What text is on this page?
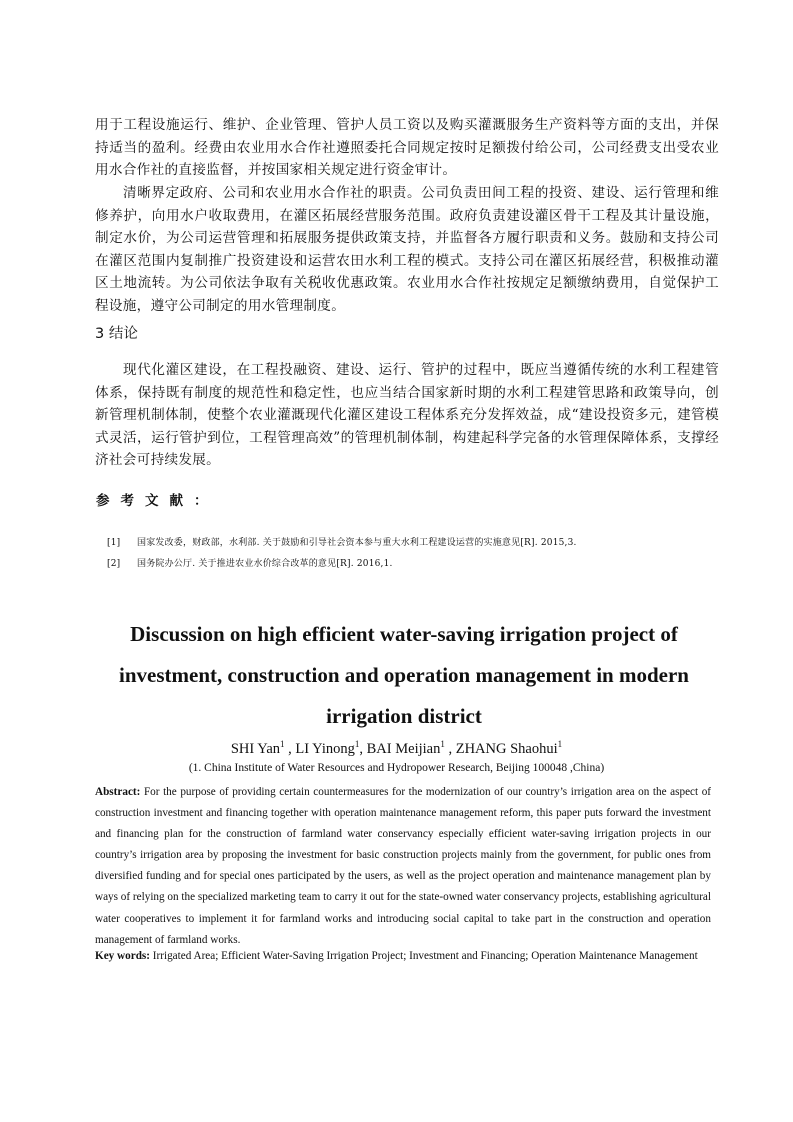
用于工程设施运行、维护、企业管理、管护人员工资以及购买灌溉服务生产资料等方面的支出，并保持适当的盈利。经费由农业用水合作社遵照委托合同规定按时足额拨付给公司，公司经费支出受农业用水合作社的直接监督，并按国家相关规定进行资金审计。

清晰界定政府、公司和农业用水合作社的职责。公司负责田间工程的投资、建设、运行管理和维修养护，向用水户收取费用，在灌区拓展经营服务范围。政府负责建设灌区骨干工程及其计量设施，制定水价，为公司运营管理和拓展服务提供政策支持，并监督各方履行职责和义务。鼓励和支持公司在灌区范围内复制推广投资建设和运营农田水利工程的模式。支持公司在灌区拓展经营，积极推动灌区土地流转。为公司依法争取有关税收优惠政策。农业用水合作社按规定足额缴纳费用，自觉保护工程设施，遵守公司制定的用水管理制度。

3 结论

现代化灌区建设，在工程投融资、建设、运行、管护的过程中，既应当遵循传统的水利工程建管体系，保持既有制度的规范性和稳定性，也应当结合国家新时期的水利工程建管思路和政策导向，创新管理机制体制，使整个农业灌溉现代化灌区建设工程体系充分发挥效益，成“建设投资多元，建管模式灵活，运行管护到位，工程管理高效”的管理机制体制，构建起科学完备的水管理保障体系，支撑经济社会可持续发展。

参考文献：

[1] 国家发改委，财政部，水利部. 关于鼓励和引导社会资本参与重大水利工程建设运营的实施意见[R]. 2015,3.

[2] 国务院办公厅. 关于推进农业水价综合改革的意见[R]. 2016,1.

Discussion on high efficient water-saving irrigation project of
investment, construction and operation management in modern
irrigation district

SHI Yan$^1$ , LI Yinong$^1$, BAI Meijian$^1$ , ZHANG Shaohui$^1$

(1. China Institute of Water Resources and Hydropower Research, Beijing 100048 ,China)

Abstract: For the purpose of providing certain countermeasures for the modernization of our country’s irrigation area on the aspect of construction investment and financing together with operation maintenance management reform, this paper puts forward the investment and financing plan for the construction of farmland water conservancy especially efficient water-saving irrigation projects in our country’s irrigation area by proposing the investment for basic construction projects mainly from the government, for public ones from diversified funding and for special ones participated by the users, as well as the project operation and maintenance management plan by ways of relying on the specialized marketing team to carry it out for the state-owned water conservancy projects, establishing agricultural water cooperatives to implement it for farmland works and introducing social capital to take part in the construction and operation management of farmland works.

Key words: Irrigated Area; Efficient Water-Saving Irrigation Project; Investment and Financing; Operation Maintenance Management
